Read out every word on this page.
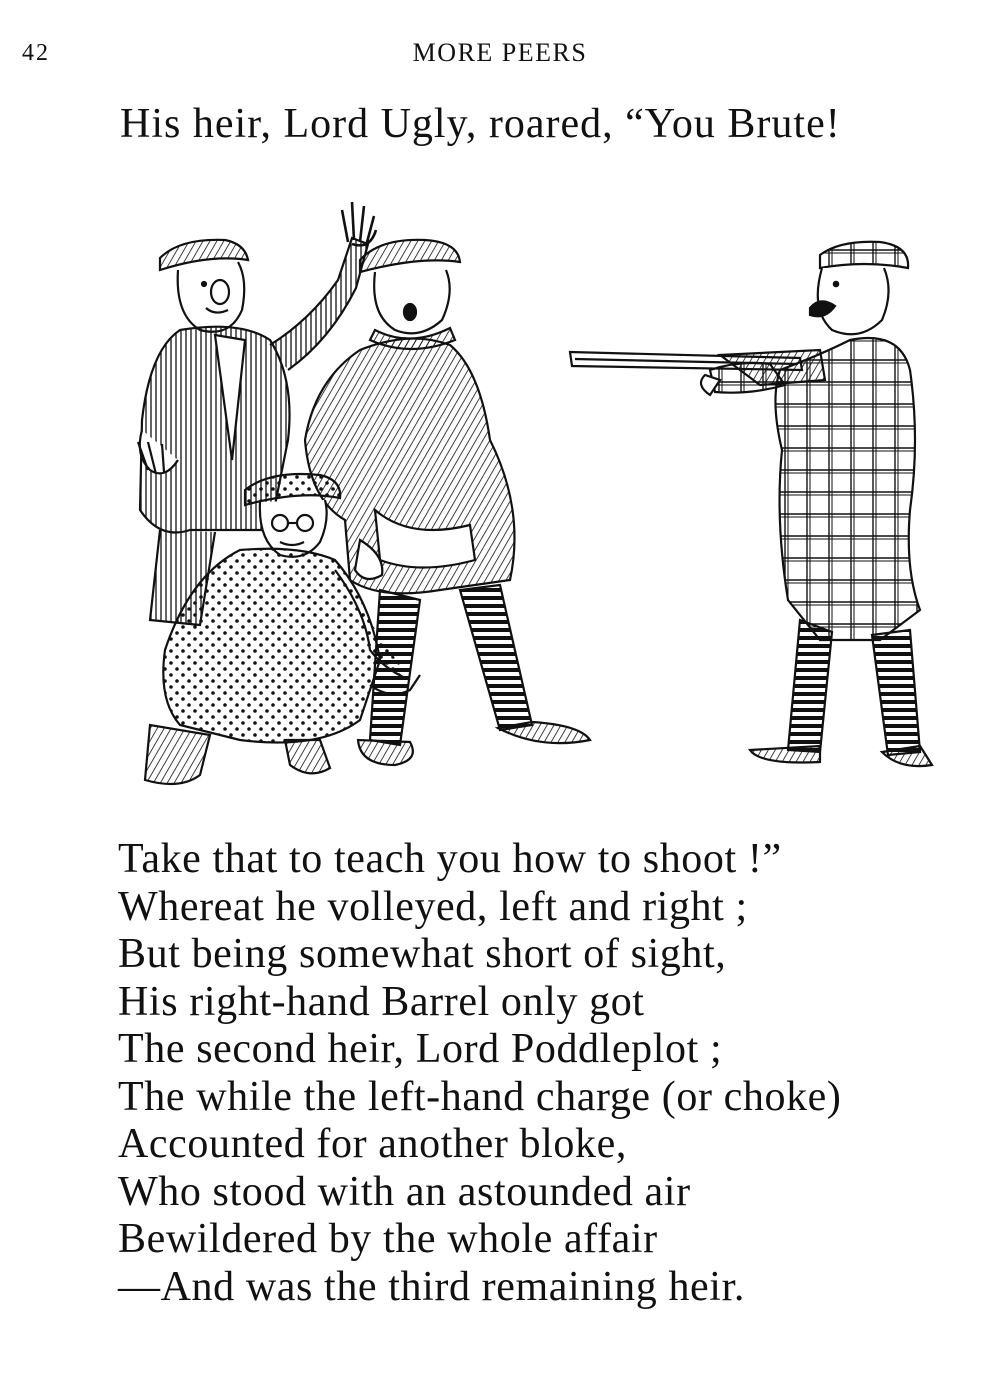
42	MORE PEERS
His heir, Lord Ugly, roared, “You Brute!
Take that to teach you how to shoot !”
Whereat he volleyed, left and right ;
But being somewhat short of sight,
His right-hand Barrel only got
The second heir, Lord Poddleplot ;
The while the left-hand charge (or choke)
Accounted for another bloke,
Who stood with an astounded air
Bewildered by the whole affair
—And was the third remaining heir.
